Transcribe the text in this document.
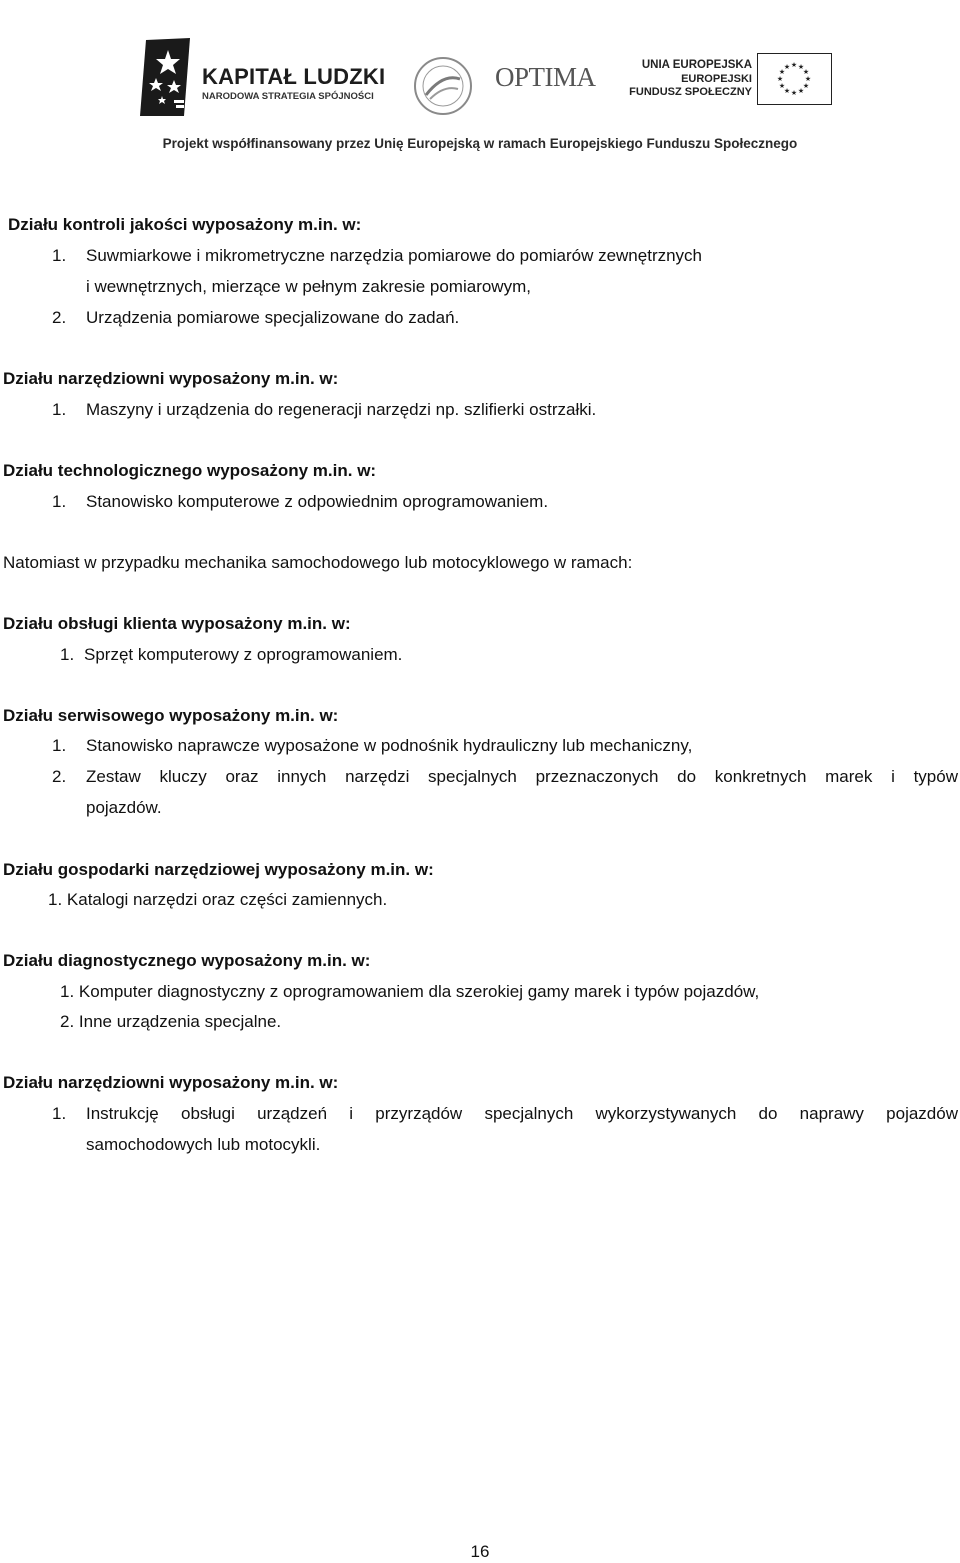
KAPITAŁ LUDZKI
NARODOWA STRATEGIA SPÓJNOŚCI
OPTIMA	UNIA EUROPEJSKA
EUROPEJSKI
FUNDUSZ SPOŁECZNY
★ ★
★
★
★
★
★
★
★
★
★
★
Projekt współfinansowany przez Unię Europejską w ramach Europejskiego Funduszu Społecznego
Działu kontroli jakości wyposażony m.in. w:
1. Suwmiarkowe i mikrometryczne narzędzia pomiarowe do pomiarów zewnętrznych
i wewnętrznych, mierzące w pełnym zakresie pomiarowym,
2. Urządzenia pomiarowe specjalizowane do zadań.
Działu narzędziowni wyposażony m.in. w:
1. Maszyny i urządzenia do regeneracji narzędzi np. szlifierki ostrzałki.
Działu technologicznego wyposażony m.in. w:
1. Stanowisko komputerowe z odpowiednim oprogramowaniem.
Natomiast w przypadku mechanika samochodowego lub motocyklowego w ramach:
Działu obsługi klienta wyposażony m.in. w:
1. Sprzęt komputerowy z oprogramowaniem.
Działu serwisowego wyposażony m.in. w:
1. Stanowisko naprawcze wyposażone w podnośnik hydrauliczny lub mechaniczny,
2. Zestaw kluczy oraz innych narzędzi specjalnych przeznaczonych do konkretnych marek i typów
pojazdów.
Działu gospodarki narzędziowej wyposażony m.in. w:
1. Katalogi narzędzi oraz części zamiennych.
Działu diagnostycznego wyposażony m.in. w:
1. Komputer diagnostyczny z oprogramowaniem dla szerokiej gamy marek i typów pojazdów,
2. Inne urządzenia specjalne.
Działu narzędziowni wyposażony m.in. w:
1. Instrukcję obsługi urządzeń i przyrządów specjalnych wykorzystywanych do naprawy pojazdów
samochodowych lub motocykli.
16
